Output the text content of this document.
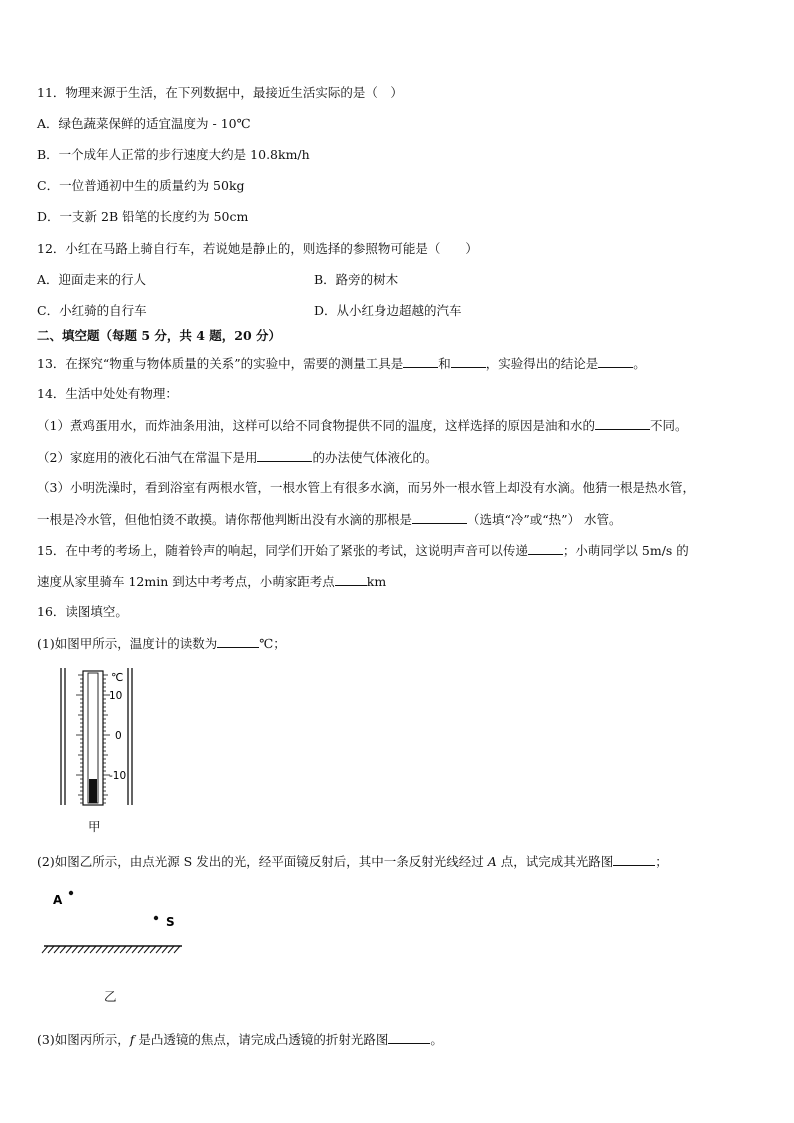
11．物理来源于生活，在下列数据中，最接近生活实际的是（　）
A．绿色蔬菜保鲜的适宜温度为 - 10℃
B．一个成年人正常的步行速度大约是 10.8km/h
C．一位普通初中生的质量约为 50kg
D．一支新 2B 铅笔的长度约为 50cm
12．小红在马路上骑自行车，若说她是静止的，则选择的参照物可能是（　　）
A．迎面走来的行人	B．路旁的树木
C．小红骑的自行车	D．从小红身边超越的汽车
二、填空题（每题 5 分，共 4 题，20 分）
13．在探究“物重与物体质量的关系”的实验中，需要的测量工具是	和	，实验得出的结论是	。
14．生活中处处有物理：
（1）煮鸡蛋用水，而炸油条用油，这样可以给不同食物提供不同的温度，这样选择的原因是油和水的	不同。
（2）家庭用的液化石油气在常温下是用	的办法使气体液化的。
（3）小明洗澡时，看到浴室有两根水管，一根水管上有很多水滴，而另外一根水管上却没有水滴。他猜一根是热水管，
一根是冷水管，但他怕烫不敢摸。请你帮他判断出没有水滴的那根是	（选填“冷”或“热”） 水管。
15．在中考的考场上，随着铃声的响起，同学们开始了紧张的考试，这说明声音可以传递	；小萌同学以 5m/s 的
速度从家里骑车 12min 到达中考考点，小萌家距考点	km
16．读图填空。
(1)如图甲所示，温度计的读数为	℃；
℃
10
0
-10
甲
(2)如图乙所示，由点光源 S 发出的光，经平面镜反射后，其中一条反射光线经过 A 点，试完成其光路图	；
A
S
乙
(3)如图丙所示，f 是凸透镜的焦点，请完成凸透镜的折射光路图	。
